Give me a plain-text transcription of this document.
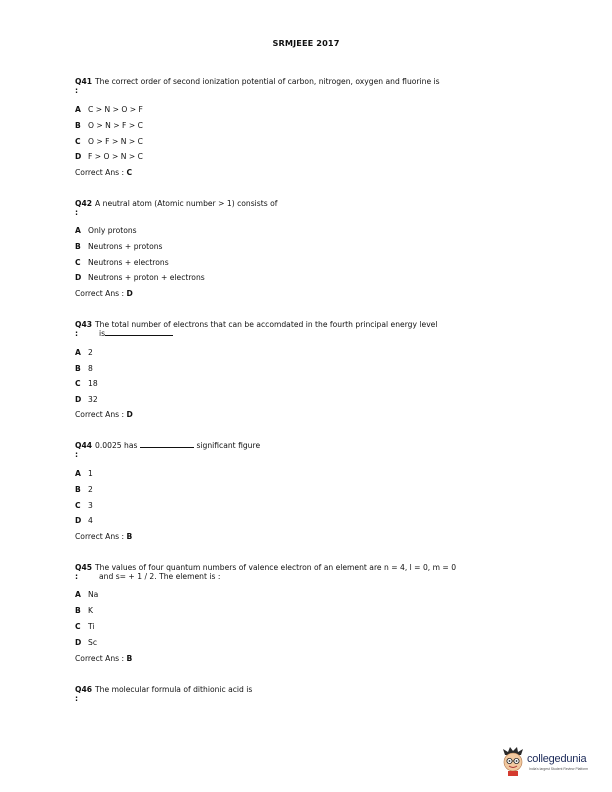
SRMJEEE 2017
Q41 The correct order of second ionization potential of carbon, nitrogen, oxygen and fluorine is
:
A C > N > O > F
B O > N > F > C
C O > F > N > C
D F > O > N > C
Correct Ans : C
Q42 A neutral atom (Atomic number > 1) consists of
:
A Only protons
B Neutrons + protons
C Neutrons + electrons
D Neutrons + proton + electrons
Correct Ans : D
Q43 The total number of electrons that can be accomdated in the fourth principal energy level
:	is
A 2
B 8
C 18
D 32
Correct Ans : D
Q44 0.0025 has	significant figure
:
A 1
B 2
C 3
D 4
Correct Ans : B
Q45 The values of four quantum numbers of valence electron of an element are n = 4, l = 0, m = 0
:	and s= + 1 / 2. The element is :
A Na
B K
C Ti
D Sc
Correct Ans : B
Q46 The molecular formula of dithionic acid is
:
collegedunia
India's largest Student Review Platform
